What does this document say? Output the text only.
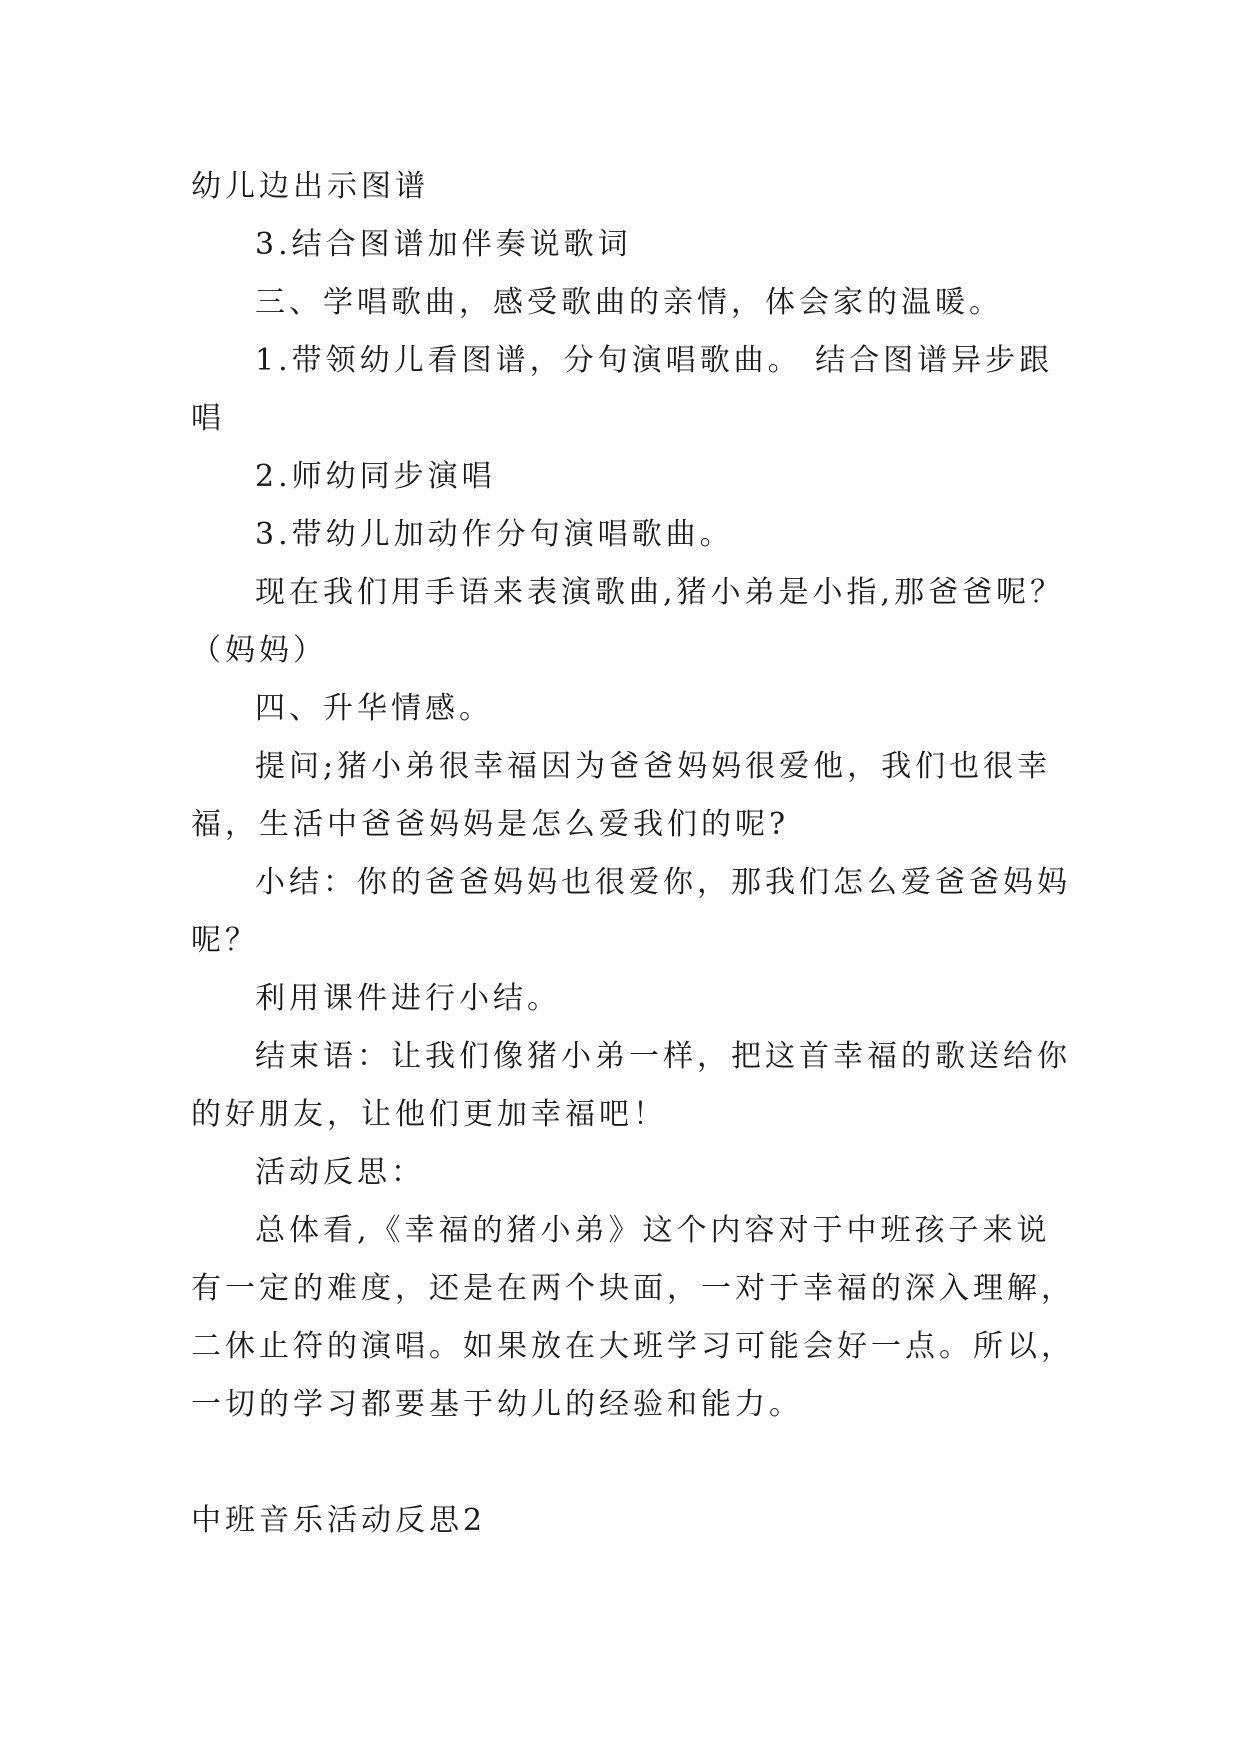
幼儿边出示图谱
3.结合图谱加伴奏说歌词
三、学唱歌曲，感受歌曲的亲情，体会家的温暖。
1.带领幼儿看图谱，分句演唱歌曲。 结合图谱异步跟
唱
2.师幼同步演唱
3.带幼儿加动作分句演唱歌曲。
现在我们用手语来表演歌曲,猪小弟是小指,那爸爸呢？
（妈妈）
四、升华情感。
提问;猪小弟很幸福因为爸爸妈妈很爱他，我们也很幸
福，生活中爸爸妈妈是怎么爱我们的呢?
小结：你的爸爸妈妈也很爱你，那我们怎么爱爸爸妈妈
呢？
利用课件进行小结。
结束语：让我们像猪小弟一样，把这首幸福的歌送给你
的好朋友，让他们更加幸福吧！
活动反思：
总体看,《幸福的猪小弟》这个内容对于中班孩子来说
有一定的难度，还是在两个块面，一对于幸福的深入理解，
二休止符的演唱。如果放在大班学习可能会好一点。所以，
一切的学习都要基于幼儿的经验和能力。
中班音乐活动反思2
